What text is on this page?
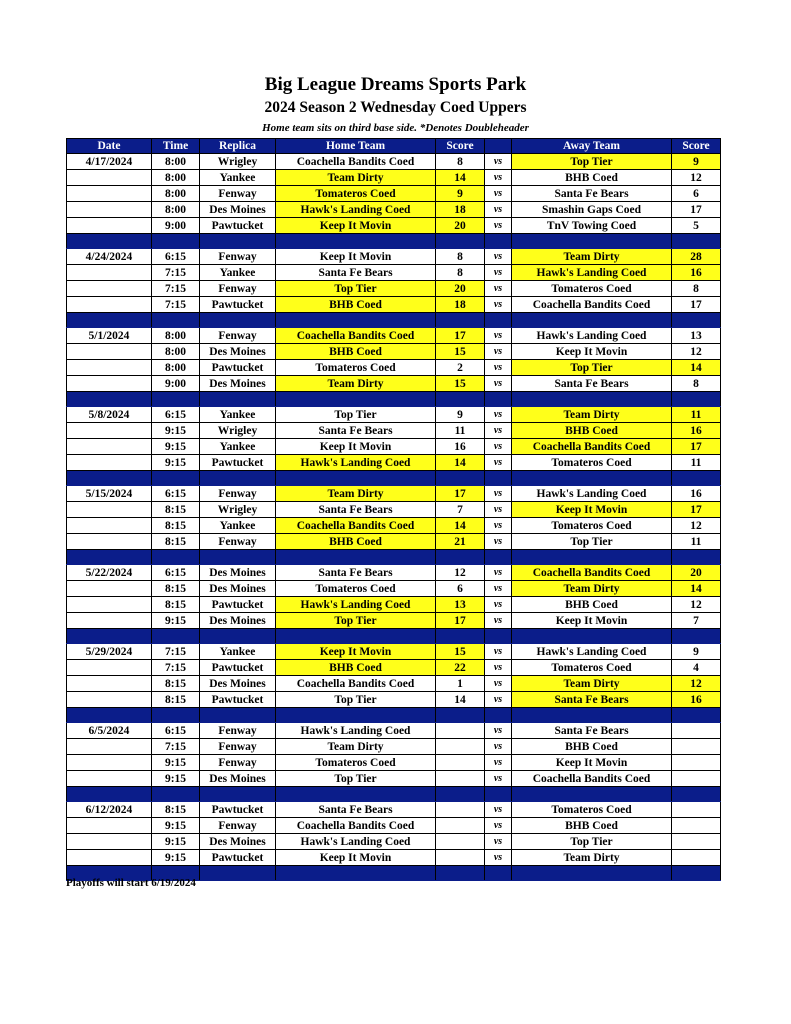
Big League Dreams Sports Park
2024 Season 2 Wednesday Coed Uppers
Home team sits on third base side. *Denotes Doubleheader
Date	Time	Replica	Home Team	Score		Away Team	Score
4/17/2024	8:00	Wrigley	Coachella Bandits Coed	8	vs	Top Tier	9
	8:00	Yankee	Team Dirty	14	vs	BHB Coed	12
	8:00	Fenway	Tomateros Coed	9	vs	Santa Fe Bears	6
	8:00	Des Moines	Hawk's Landing Coed	18	vs	Smashin Gaps Coed	17
	9:00	Pawtucket	Keep It Movin	20	vs	TnV Towing Coed	5

4/24/2024	6:15	Fenway	Keep It Movin	8	vs	Team Dirty	28
	7:15	Yankee	Santa Fe Bears	8	vs	Hawk's Landing Coed	16
	7:15	Fenway	Top Tier	20	vs	Tomateros Coed	8
	7:15	Pawtucket	BHB Coed	18	vs	Coachella Bandits Coed	17

5/1/2024	8:00	Fenway	Coachella Bandits Coed	17	vs	Hawk's Landing Coed	13
	8:00	Des Moines	BHB Coed	15	vs	Keep It Movin	12
	8:00	Pawtucket	Tomateros Coed	2	vs	Top Tier	14
	9:00	Des Moines	Team Dirty	15	vs	Santa Fe Bears	8

5/8/2024	6:15	Yankee	Top Tier	9	vs	Team Dirty	11
	9:15	Wrigley	Santa Fe Bears	11	vs	BHB Coed	16
	9:15	Yankee	Keep It Movin	16	vs	Coachella Bandits Coed	17
	9:15	Pawtucket	Hawk's Landing Coed	14	vs	Tomateros Coed	11

5/15/2024	6:15	Fenway	Team Dirty	17	vs	Hawk's Landing Coed	16
	8:15	Wrigley	Santa Fe Bears	7	vs	Keep It Movin	17
	8:15	Yankee	Coachella Bandits Coed	14	vs	Tomateros Coed	12
	8:15	Fenway	BHB Coed	21	vs	Top Tier	11

5/22/2024	6:15	Des Moines	Santa Fe Bears	12	vs	Coachella Bandits Coed	20
	8:15	Des Moines	Tomateros Coed	6	vs	Team Dirty	14
	8:15	Pawtucket	Hawk's Landing Coed	13	vs	BHB Coed	12
	9:15	Des Moines	Top Tier	17	vs	Keep It Movin	7

5/29/2024	7:15	Yankee	Keep It Movin	15	vs	Hawk's Landing Coed	9
	7:15	Pawtucket	BHB Coed	22	vs	Tomateros Coed	4
	8:15	Des Moines	Coachella Bandits Coed	1	vs	Team Dirty	12
	8:15	Pawtucket	Top Tier	14	vs	Santa Fe Bears	16

6/5/2024	6:15	Fenway	Hawk's Landing Coed		vs	Santa Fe Bears	
	7:15	Fenway	Team Dirty		vs	BHB Coed	
	9:15	Fenway	Tomateros Coed		vs	Keep It Movin	
	9:15	Des Moines	Top Tier		vs	Coachella Bandits Coed	

6/12/2024	8:15	Pawtucket	Santa Fe Bears		vs	Tomateros Coed	
	9:15	Fenway	Coachella Bandits Coed		vs	BHB Coed	
	9:15	Des Moines	Hawk's Landing Coed		vs	Top Tier	
	9:15	Pawtucket	Keep It Movin		vs	Team Dirty	

Playoffs will start 6/19/2024
